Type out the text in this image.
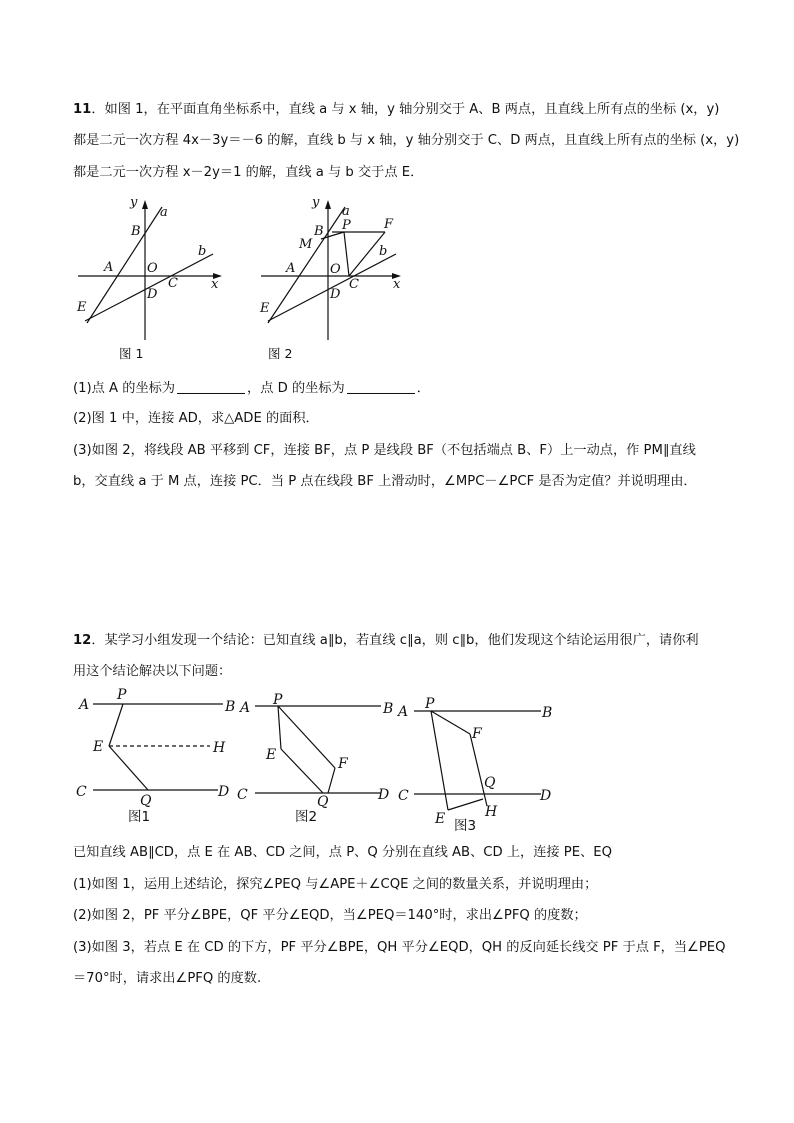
11．如图 1，在平面直角坐标系中，直线 a 与 x 轴，y 轴分别交于 A、B 两点，且直线上所有点的坐标 (x，y)
都是二元一次方程 4x－3y＝－6 的解，直线 b 与 x 轴，y 轴分别交于 C、D 两点，且直线上所有点的坐标 (x，y)
都是二元一次方程 x－2y＝1 的解，直线 a 与 b 交于点 E．
y
a
B
b
A	O
C	x
D
E
图 1
y
a
P	F
B
M	b
A	O
C	x
D
E
图 2
(1)点 A 的坐标为	，点 D 的坐标为	．
(2)图 1 中，连接 AD，求△ADE 的面积．
(3)如图 2，将线段 AB 平移到 CF，连接 BF，点 P 是线段 BF（不包括端点 B、F）上一动点，作 PM∥直线
b，交直线 a 于 M 点，连接 PC．当 P 点在线段 BF 上滑动时，∠MPC－∠PCF 是否为定值？并说明理由．
12．某学习小组发现一个结论：已知直线 a∥b，若直线 c∥a，则 c∥b，他们发现这个结论运用很广，请你利
用这个结论解决以下问题：
A
P
B
E	H
C
Q
D
图1
A P
B
E
F
C	Q	D
图2
A P
B
F
Q
C	D
E	H
图3
已知直线 AB∥CD，点 E 在 AB、CD 之间，点 P、Q 分别在直线 AB、CD 上，连接 PE、EQ
(1)如图 1，运用上述结论，探究∠PEQ 与∠APE＋∠CQE 之间的数量关系，并说明理由；
(2)如图 2，PF 平分∠BPE，QF 平分∠EQD，当∠PEQ＝140°时，求出∠PFQ 的度数；
(3)如图 3，若点 E 在 CD 的下方，PF 平分∠BPE，QH 平分∠EQD，QH 的反向延长线交 PF 于点 F，当∠PEQ
＝70°时，请求出∠PFQ 的度数.
